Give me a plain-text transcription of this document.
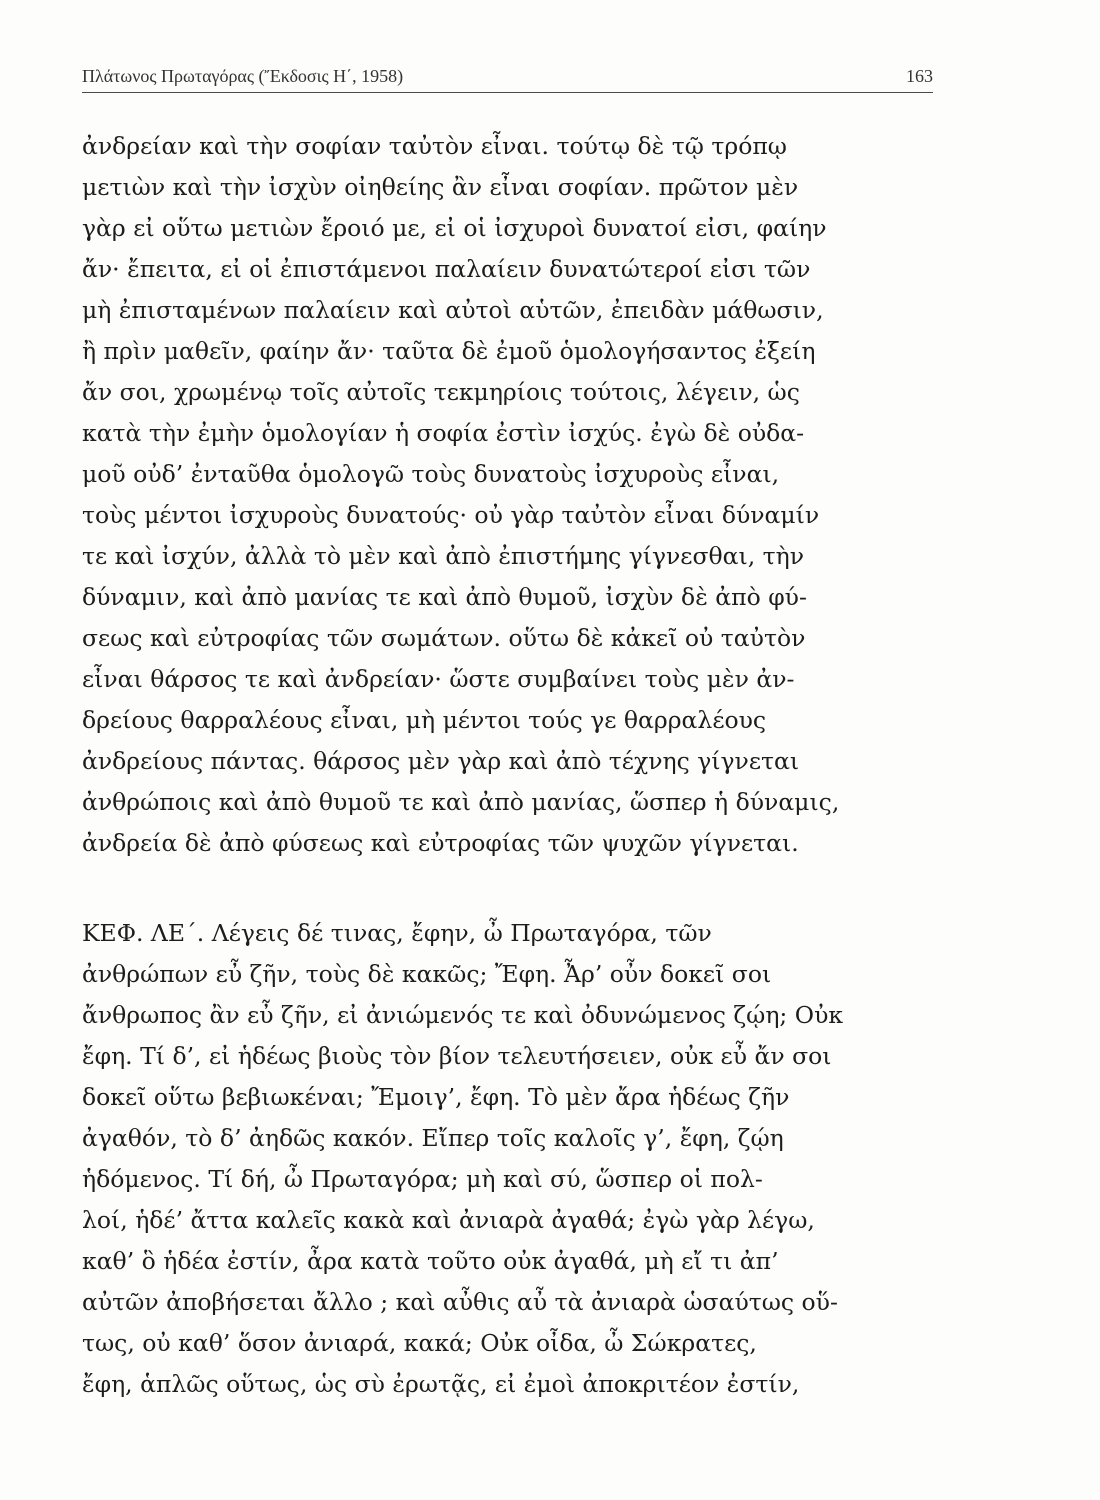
Πλάτωνος Πρωταγόρας (Ἔκδοσις Η΄, 1958)	163
ἀνδρείαν καὶ τὴν σοφίαν ταὐτὸν εἶναι. τούτῳ δὲ τῷ τρόπῳ
μετιὼν καὶ τὴν ἰσχὺν οἰηθείης ἂν εἶναι σοφίαν. πρῶτον μὲν
γὰρ εἰ οὕτω μετιὼν ἔροιό με, εἰ οἱ ἰσχυροὶ δυνατοί εἰσι, φαίην
ἄν· ἔπειτα, εἰ οἱ ἐπιστάμενοι παλαίειν δυνατώτεροί εἰσι τῶν
μὴ ἐπισταμένων παλαίειν καὶ αὐτοὶ αὑτῶν, ἐπειδὰν μάθωσιν,
ἢ πρὶν μαθεῖν, φαίην ἄν· ταῦτα δὲ ἐμοῦ ὁμολογήσαντος ἐξείη
ἄν σοι, χρωμένῳ τοῖς αὐτοῖς τεκμηρίοις τούτοις, λέγειν, ὡς
κατὰ τὴν ἐμὴν ὁμολογίαν ἡ σοφία ἐστὶν ἰσχύς. ἐγὼ δὲ οὐδα-
μοῦ οὐδ’ ἐνταῦθα ὁμολογῶ τοὺς δυνατοὺς ἰσχυροὺς εἶναι,
τοὺς μέντοι ἰσχυροὺς δυνατούς· οὐ γὰρ ταὐτὸν εἶναι δύναμίν
τε καὶ ἰσχύν, ἀλλὰ τὸ μὲν καὶ ἀπὸ ἐπιστήμης γίγνεσθαι, τὴν
δύναμιν, καὶ ἀπὸ μανίας τε καὶ ἀπὸ θυμοῦ, ἰσχὺν δὲ ἀπὸ φύ-
σεως καὶ εὐτροφίας τῶν σωμάτων. οὕτω δὲ κἀκεῖ οὐ ταὐτὸν
εἶναι θάρσος τε καὶ ἀνδρείαν· ὥστε συμβαίνει τοὺς μὲν ἀν-
δρείους θαρραλέους εἶναι, μὴ μέντοι τούς γε θαρραλέους
ἀνδρείους πάντας. θάρσος μὲν γὰρ καὶ ἀπὸ τέχνης γίγνεται
ἀνθρώποις καὶ ἀπὸ θυμοῦ τε καὶ ἀπὸ μανίας, ὥσπερ ἡ δύναμις,
ἀνδρεία δὲ ἀπὸ φύσεως καὶ εὐτροφίας τῶν ψυχῶν γίγνεται.
ΚΕΦ. ΛΕ΄. Λέγεις δέ τινας, ἔφην, ὦ Πρωταγόρα, τῶν
ἀνθρώπων εὖ ζῆν, τοὺς δὲ κακῶς; Ἔφη. Ἆρ’ οὖν δοκεῖ σοι
ἄνθρωπος ἂν εὖ ζῆν, εἰ ἀνιώμενός τε καὶ ὀδυνώμενος ζῴη; Οὐκ
ἔφη. Τί δ’, εἰ ἡδέως βιοὺς τὸν βίον τελευτήσειεν, οὐκ εὖ ἄν σοι
δοκεῖ οὕτω βεβιωκέναι; Ἔμοιγ’, ἔφη. Τὸ μὲν ἄρα ἡδέως ζῆν
ἀγαθόν, τὸ δ’ ἀηδῶς κακόν. Εἴπερ τοῖς καλοῖς γ’, ἔφη, ζῴη
ἡδόμενος. Τί δή, ὦ Πρωταγόρα; μὴ καὶ σύ, ὥσπερ οἱ πολ-
λοί, ἡδέ’ ἄττα καλεῖς κακὰ καὶ ἀνιαρὰ ἀγαθά; ἐγὼ γὰρ λέγω,
καθ’ ὃ ἡδέα ἐστίν, ἆρα κατὰ τοῦτο οὐκ ἀγαθά, μὴ εἴ τι ἀπ’
αὐτῶν ἀποβήσεται ἄλλο ; καὶ αὖθις αὖ τὰ ἀνιαρὰ ὡσαύτως οὕ-
τως, οὐ καθ’ ὅσον ἀνιαρά, κακά; Οὐκ οἶδα, ὦ Σώκρατες,
ἔφη, ἁπλῶς οὕτως, ὡς σὺ ἐρωτᾷς, εἰ ἐμοὶ ἀποκριτέον ἐστίν,
